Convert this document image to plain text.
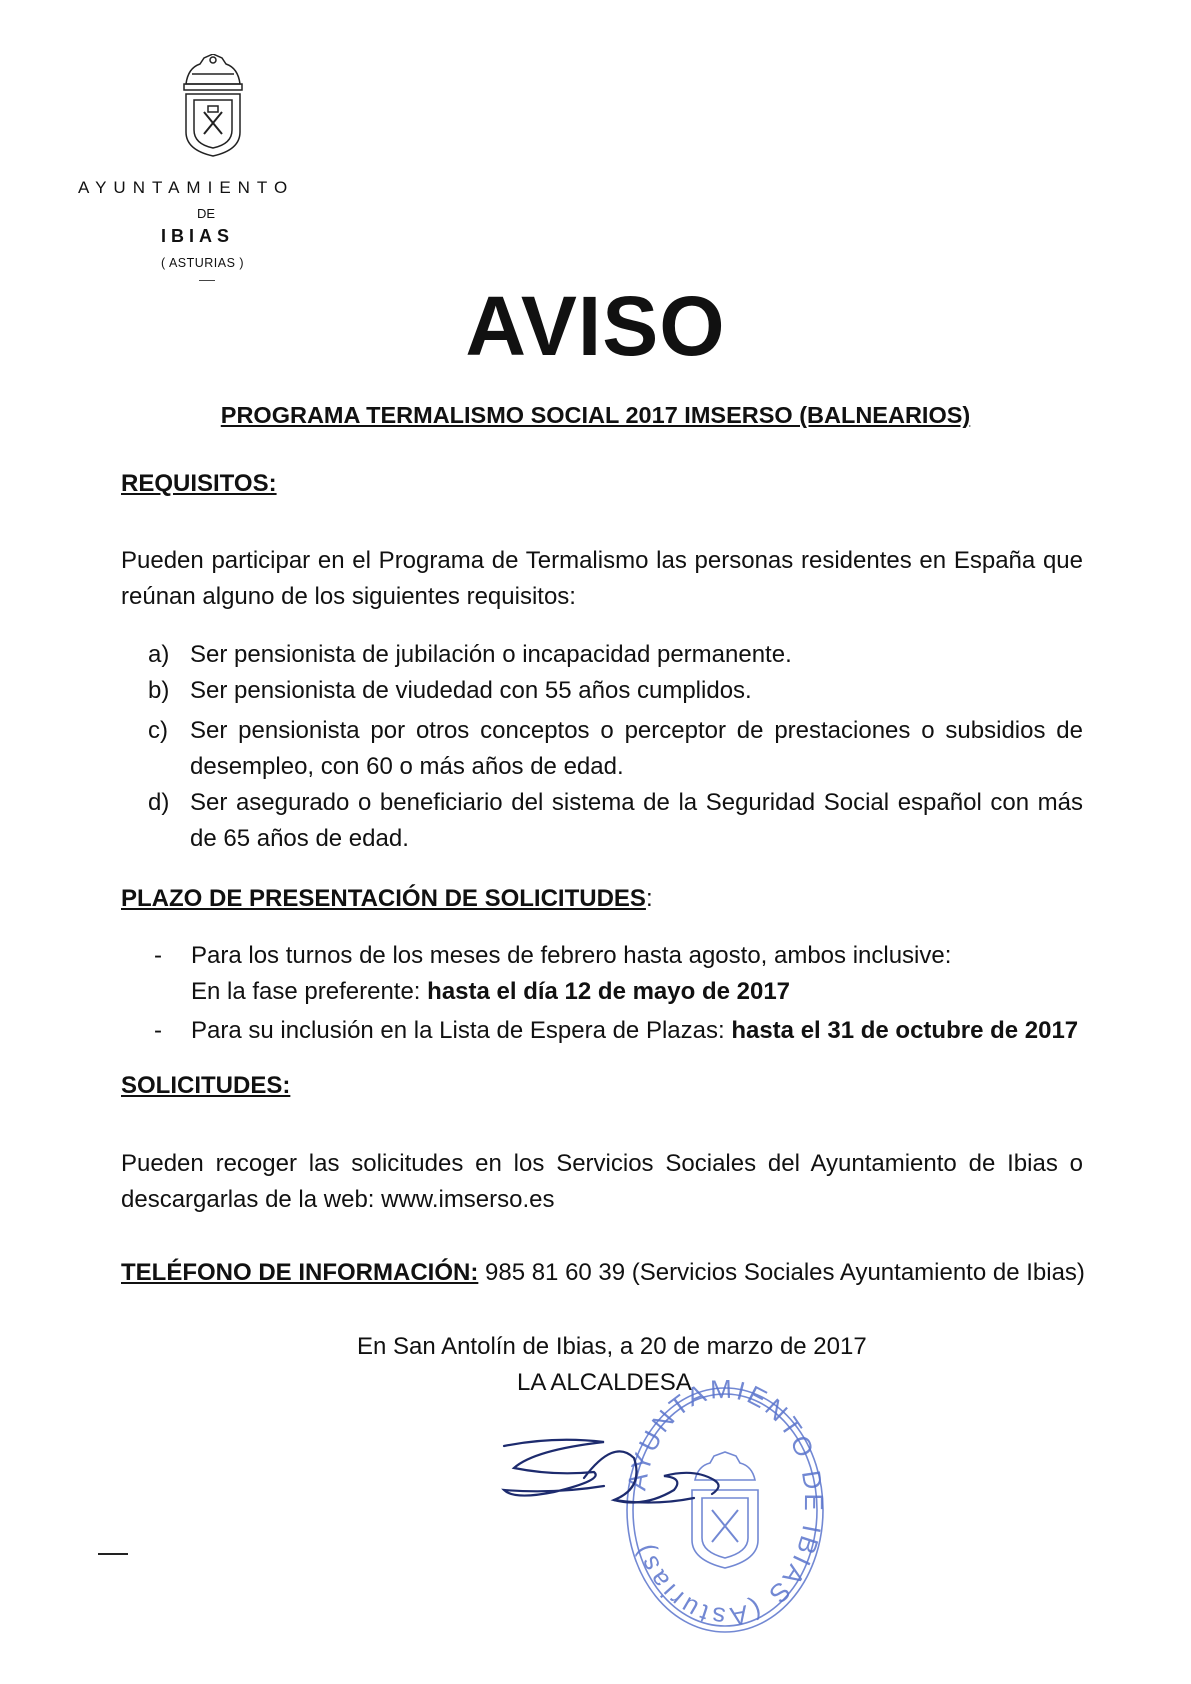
AYUNTAMIENTO
DE
IBIAS
( ASTURIAS )
AVISO
PROGRAMA TERMALISMO SOCIAL 2017 IMSERSO (BALNEARIOS)
REQUISITOS:
Pueden participar en el Programa de Termalismo las personas residentes en España que reúnan alguno de los siguientes requisitos:
a) Ser pensionista de jubilación o incapacidad permanente.
b) Ser pensionista de viudedad con 55 años cumplidos.
c) Ser pensionista por otros conceptos o perceptor de prestaciones o subsidios de desempleo, con 60 o más años de edad.
d) Ser asegurado o beneficiario del sistema de la Seguridad Social español con más de 65 años de edad.
PLAZO DE PRESENTACIÓN DE SOLICITUDES:
- Para los turnos de los meses de febrero hasta agosto, ambos inclusive:
En la fase preferente: hasta el día 12 de mayo de 2017
- Para su inclusión en la Lista de Espera de Plazas: hasta el 31 de octubre de 2017
SOLICITUDES:
Pueden recoger las solicitudes en los Servicios Sociales del Ayuntamiento de Ibias o descargarlas de la web: www.imserso.es
TELÉFONO DE INFORMACIÓN: 985 81 60 39 (Servicios Sociales Ayuntamiento de Ibias)
En San Antolín de Ibias, a 20 de marzo de 2017
LA ALCALDESA
AYUNTAMIENTO DE IBIAS (Asturias)
